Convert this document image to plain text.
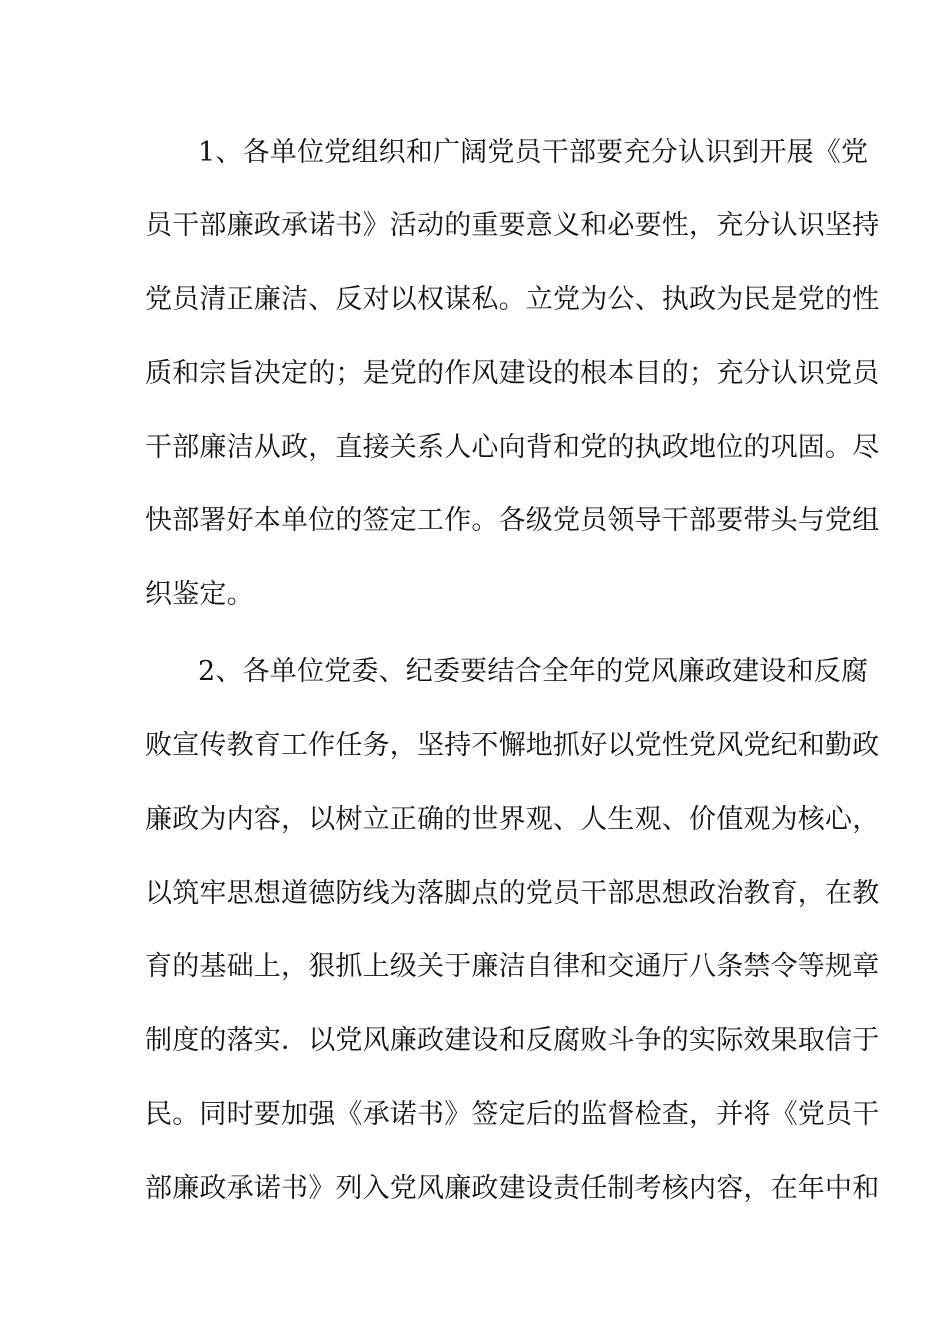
1、各单位党组织和广阔党员干部要充分认识到开展《党
员干部廉政承诺书》活动的重要意义和必要性，充分认识坚持
党员清正廉洁、反对以权谋私。立党为公、执政为民是党的性
质和宗旨决定的；是党的作风建设的根本目的；充分认识党员
干部廉洁从政，直接关系人心向背和党的执政地位的巩固。尽
快部署好本单位的签定工作。各级党员领导干部要带头与党组
织鉴定。
2、各单位党委、纪委要结合全年的党风廉政建设和反腐
败宣传教育工作任务，坚持不懈地抓好以党性党风党纪和勤政
廉政为内容，以树立正确的世界观、人生观、价值观为核心，
以筑牢思想道德防线为落脚点的党员干部思想政治教育，在教
育的基础上，狠抓上级关于廉洁自律和交通厅八条禁令等规章
制度的落实．以党风廉政建设和反腐败斗争的实际效果取信于
民。同时要加强《承诺书》签定后的监督检查，并将《党员干
部廉政承诺书》列入党风廉政建设责任制考核内容，在年中和
